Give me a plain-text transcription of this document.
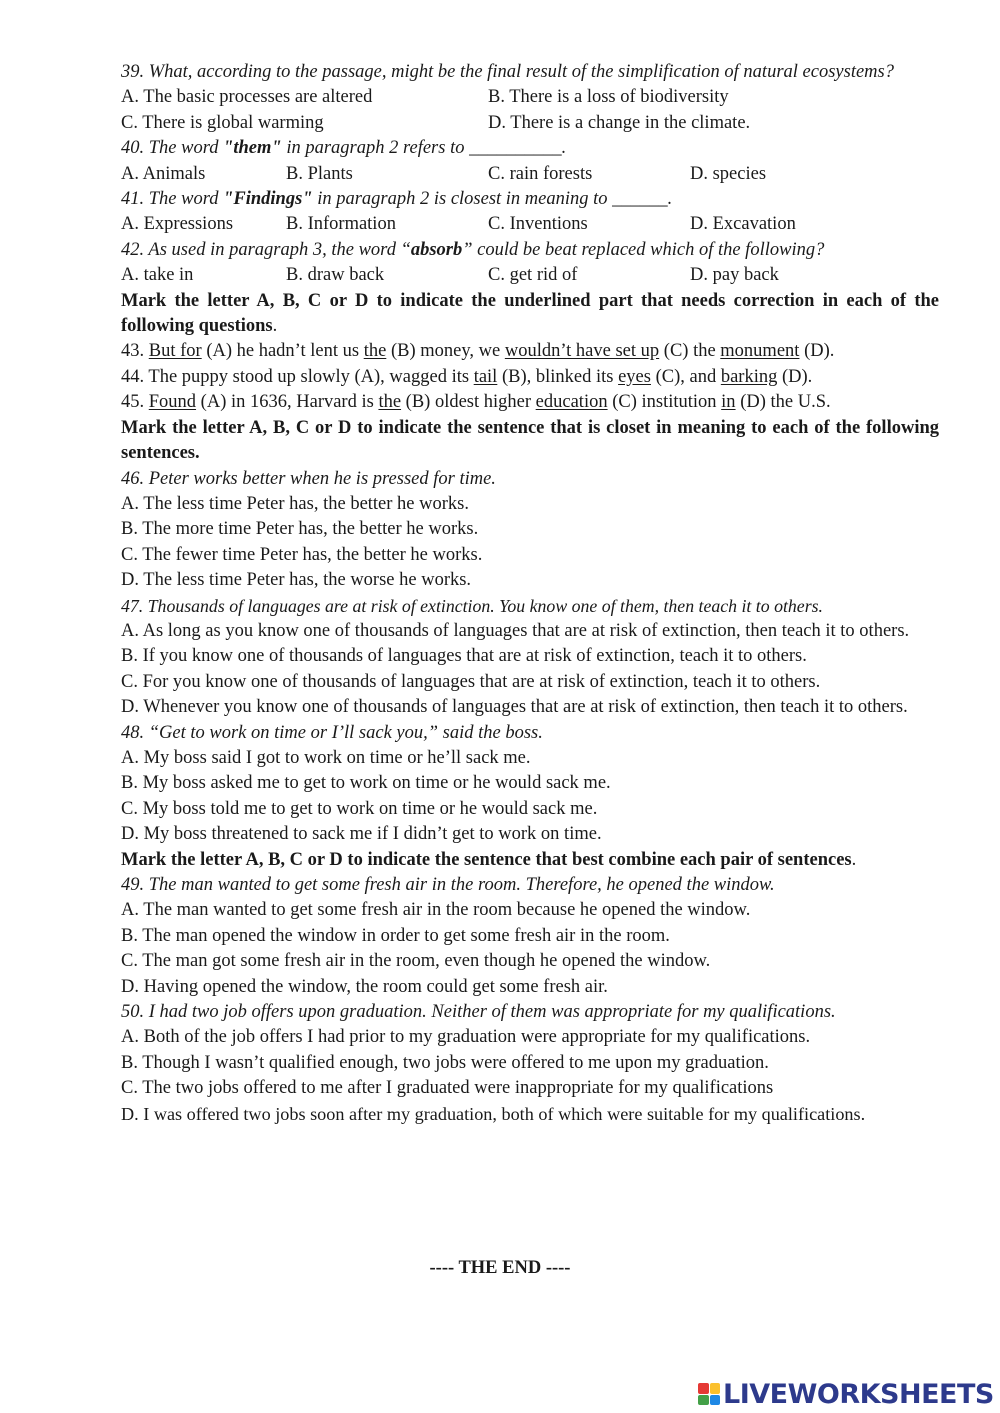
39. What, according to the passage, might be the final result of the simplification of natural ecosystems?
A. The basic processes are altered	B. There is a loss of biodiversity
C. There is global warming	D. There is a change in the climate.
40. The word "them" in paragraph 2 refers to __________.
A. Animals	B. Plants	C. rain forests	D. species
41. The word "Findings" in paragraph 2 is closest in meaning to ______.
A. Expressions	B. Information	C. Inventions	D. Excavation
42. As used in paragraph 3, the word “absorb” could be beat replaced which of the following?
A. take in	B. draw back	C. get rid of	D. pay back
Mark the letter A, B, C or D to indicate the underlined part that needs correction in each of the following questions.
43. But for (A) he hadn’t lent us the (B) money, we wouldn’t have set up (C) the monument (D).
44. The puppy stood up slowly (A), wagged its tail (B), blinked its eyes (C), and barking (D).
45. Found (A) in 1636, Harvard is the (B) oldest higher education (C) institution in (D) the U.S.
Mark the letter A, B, C or D to indicate the sentence that is closet in meaning to each of the following sentences.
46. Peter works better when he is pressed for time.
A. The less time Peter has, the better he works.
B. The more time Peter has, the better he works.
C. The fewer time Peter has, the better he works.
D. The less time Peter has, the worse he works.
47. Thousands of languages are at risk of extinction. You know one of them, then teach it to others.
A. As long as you know one of thousands of languages that are at risk of extinction, then teach it to others.
B. If you know one of thousands of languages that are at risk of extinction, teach it to others.
C. For you know one of thousands of languages that are at risk of extinction, teach it to others.
D. Whenever you know one of thousands of languages that are at risk of extinction, then teach it to others.
48. “Get to work on time or I’ll sack you,” said the boss.
A. My boss said I got to work on time or he’ll sack me.
B. My boss asked me to get to work on time or he would sack me.
C. My boss told me to get to work on time or he would sack me.
D. My boss threatened to sack me if I didn’t get to work on time.
Mark the letter A, B, C or D to indicate the sentence that best combine each pair of sentences.
49. The man wanted to get some fresh air in the room. Therefore, he opened the window.
A. The man wanted to get some fresh air in the room because he opened the window.
B. The man opened the window in order to get some fresh air in the room.
C. The man got some fresh air in the room, even though he opened the window.
D. Having opened the window, the room could get some fresh air.
50. I had two job offers upon graduation. Neither of them was appropriate for my qualifications.
A. Both of the job offers I had prior to my graduation were appropriate for my qualifications.
B. Though I wasn’t qualified enough, two jobs were offered to me upon my graduation.
C. The two jobs offered to me after I graduated were inappropriate for my qualifications
D. I was offered two jobs soon after my graduation, both of which were suitable for my qualifications.
---- THE END ----
LIVEWORKSHEETS
